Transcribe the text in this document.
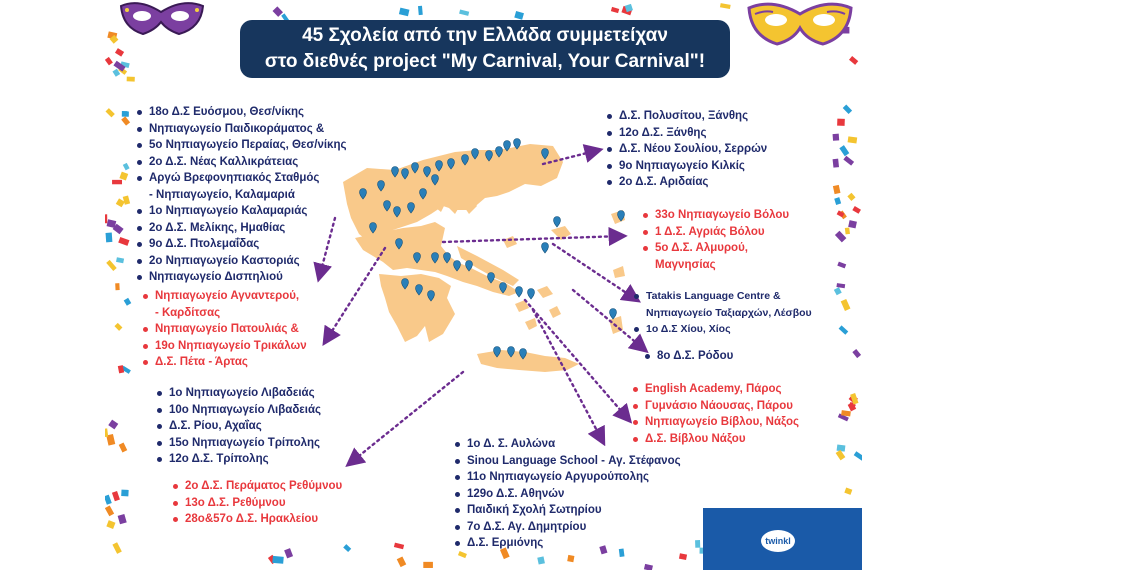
45 Σχολεία από την Ελλάδα συμμετείχαν
στο διεθνές project "My Carnival, Your Carnival"!
18ο Δ.Σ Ευόσμου, Θεσ/νίκης
Νηπιαγωγείο Παιδικοράματος &
5ο Νηπιαγωγείο Περαίας, Θεσ/νίκης
2ο Δ.Σ. Νέας Καλλικράτειας
Αργώ Βρεφονηπιακός Σταθμός
- Νηπιαγωγείο, Καλαμαριά
1ο Νηπιαγωγείο Καλαμαριάς
2ο Δ.Σ. Μελίκης, Ημαθίας
9ο Δ.Σ. Πτολεμαΐδας
2ο Νηπιαγωγείο Καστοριάς
Νηπιαγωγείο Δισπηλιού
Δ.Σ. Πολυσίτου, Ξάνθης
12ο Δ.Σ. Ξάνθης
Δ.Σ. Νέου Σουλίου, Σερρών
9ο Νηπιαγωγείο Κιλκίς
2ο Δ.Σ. Αριδαίας
33ο Νηπιαγωγείο Βόλου
1 Δ.Σ. Αγριάς Βόλου
5ο Δ.Σ. Αλμυρού,
Μαγνησίας
Νηπιαγωγείο Αγναντερού,
- Καρδίτσας
Νηπιαγωγείο Πατουλιάς &
19ο Νηπιαγωγείο Τρικάλων
Δ.Σ. Πέτα - Άρτας
Tatakis Language Centre &
Νηπιαγωγείο Ταξιαρχών, Λέσβου
1ο Δ.Σ Χίου, Χίος
8ο Δ.Σ. Ρόδου
English Academy, Πάρος
Γυμνάσιο Νάουσας, Πάρου
Νηπιαγωγείο Βίβλου, Νάξος
Δ.Σ. Βίβλου Νάξου
1ο Νηπιαγωγείο Λιβαδειάς
10ο Νηπιαγωγείο Λιβαδειάς
Δ.Σ. Ρίου, Αχαΐας
15ο Νηπιαγωγείο Τρίπολης
12ο Δ.Σ. Τρίπολης
2ο Δ.Σ. Περάματος Ρεθύμνου
13ο Δ.Σ. Ρεθύμνου
28ο&57ο Δ.Σ. Ηρακλείου
1ο Δ. Σ. Αυλώνα
Sinou Language School - Αγ. Στέφανος
11ο Νηπιαγωγείο Αργυρούπολης
129ο Δ.Σ. Αθηνών
Παιδική Σχολή Σωτηρίου
7ο Δ.Σ. Αγ. Δημητρίου
Δ.Σ. Ερμιόνης	twinkl
